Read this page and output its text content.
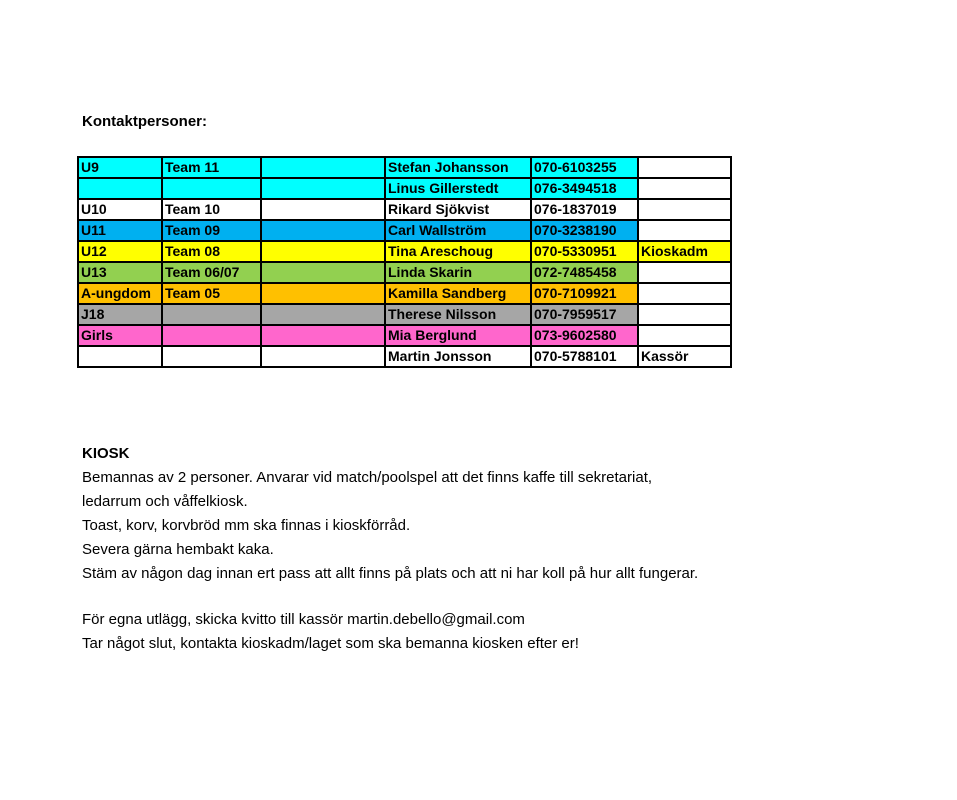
Kontaktpersoner:
U9	Team 11		Stefan Johansson	070-6103255	
			Linus Gillerstedt	076-3494518	
U10	Team 10		Rikard Sjökvist	076-1837019	
U11	Team 09		Carl Wallström	070-3238190	
U12	Team 08		Tina Areschoug	070-5330951	Kioskadm
U13	Team 06/07		Linda Skarin	072-7485458	
A-ungdom	Team 05		Kamilla Sandberg	070-7109921	
J18			Therese Nilsson	070-7959517	
Girls			Mia Berglund	073-9602580	
			Martin Jonsson	070-5788101	Kassör
KIOSK
Bemannas av 2 personer. Anvarar vid match/poolspel att det finns kaffe till sekretariat,
ledarrum och våffelkiosk.
Toast, korv, korvbröd mm ska finnas i kioskförråd.
Severa gärna hembakt kaka.
Stäm av någon dag innan ert pass att allt finns på plats och att ni har koll på hur allt fungerar.
För egna utlägg, skicka kvitto till kassör martin.debello@gmail.com
Tar något slut, kontakta kioskadm/laget som ska bemanna kiosken efter er!
